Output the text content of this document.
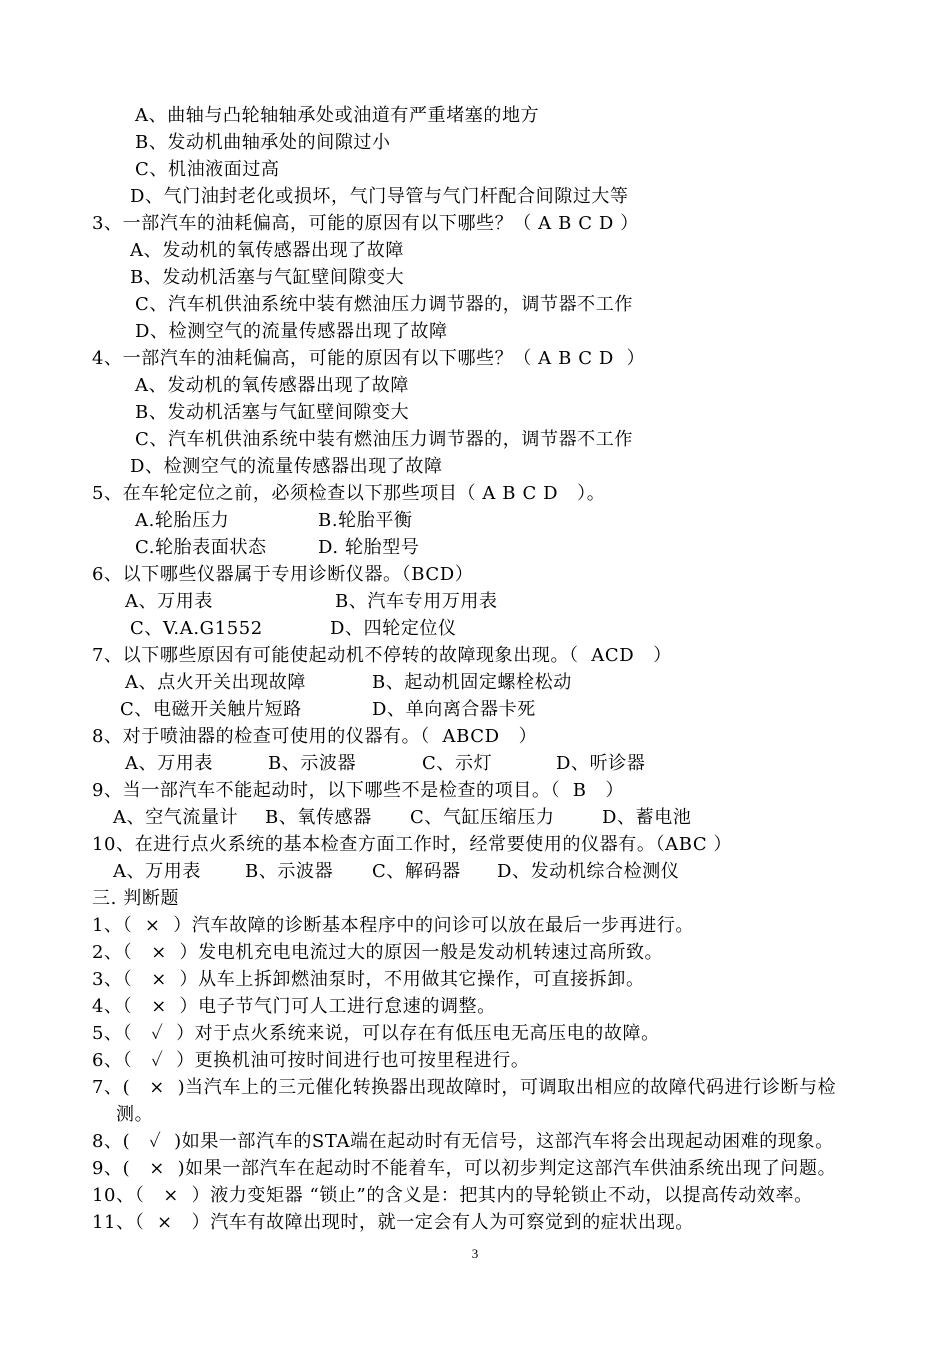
A、曲轴与凸轮轴轴承处或油道有严重堵塞的地方
B、发动机曲轴承处的间隙过小
C、机油液面过高
D、气门油封老化或损坏，气门导管与气门杆配合间隙过大等
3、一部汽车的油耗偏高，可能的原因有以下哪些？（ A B C D ）
A、发动机的氧传感器出现了故障
B、发动机活塞与气缸壁间隙变大
C、汽车机供油系统中装有燃油压力调节器的，调节器不工作
D、检测空气的流量传感器出现了故障
4、一部汽车的油耗偏高，可能的原因有以下哪些？（ A B C D  ）
A、发动机的氧传感器出现了故障
B、发动机活塞与气缸壁间隙变大
C、汽车机供油系统中装有燃油压力调节器的，调节器不工作
D、检测空气的流量传感器出现了故障
5、在车轮定位之前，必须检查以下那些项目（ A B C D   ）。
A.轮胎压力	B.轮胎平衡
C.轮胎表面状态	D. 轮胎型号
6、以下哪些仪器属于专用诊断仪器。（BCD）
A、万用表	B、汽车专用万用表
C、V.A.G1552	D、四轮定位仪
7、以下哪些原因有可能使起动机不停转的故障现象出现。（  ACD   ）
A、点火开关出现故障	B、起动机固定螺栓松动
C、电磁开关触片短路	D、单向离合器卡死
8、对于喷油器的检查可使用的仪器有。（  ABCD   ）
A、万用表	B、示波器	C、示灯	D、听诊器
9、当一部汽车不能起动时，以下哪些不是检查的项目。（  B   ）
A、空气流量计 B、氧传感器 C、气缸压缩压力	D、蓄电池
10、在进行点火系统的基本检查方面工作时，经常要使用的仪器有。（ABC ）
A、万用表 B、示波器 C、解码器 D、发动机综合检测仪
三. 判断题
1、（  ×  ）汽车故障的诊断基本程序中的问诊可以放在最后一步再进行。
2、（   ×  ）发电机充电电流过大的原因一般是发动机转速过高所致。
3、（   ×  ）从车上拆卸燃油泵时，不用做其它操作，可直接拆卸。
4、（   ×  ）电子节气门可人工进行怠速的调整。
5、（   ✓  ）对于点火系统来说，可以存在有低压电无高压电的故障。
6、（   ✓  ）更换机油可按时间进行也可按里程进行。
7、(   ×  )当汽车上的三元催化转换器出现故障时，可调取出相应的故障代码进行诊断与检
测。
8、(   ✓  )如果一部汽车的STA端在起动时有无信号，这部汽车将会出现起动困难的现象。
9、(   ×  )如果一部汽车在起动时不能着车，可以初步判定这部汽车供油系统出现了问题。
10、（   ×  ）液力变矩器 “锁止”的含义是：把其内的导轮锁止不动，以提高传动效率。
11、（  ×   ）汽车有故障出现时，就一定会有人为可察觉到的症状出现。
3
